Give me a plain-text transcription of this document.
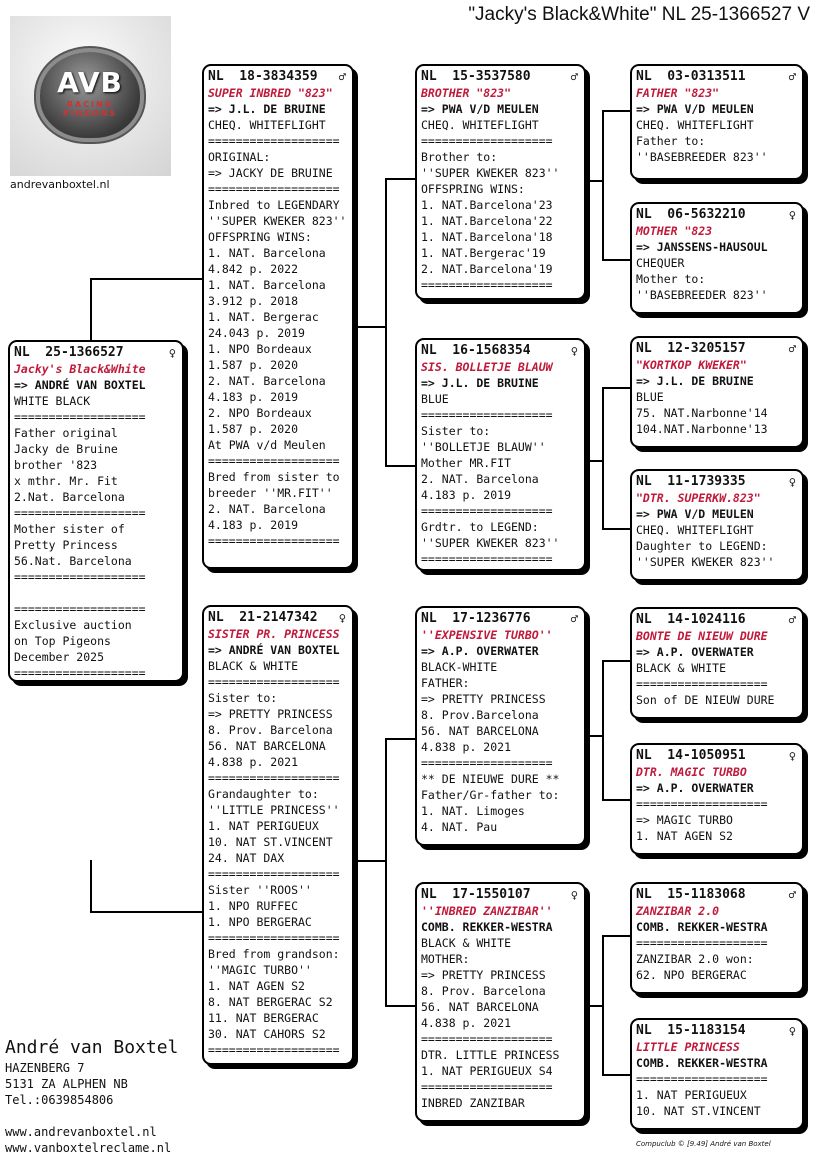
"Jacky's Black&White" NL 25-1366527 V
AVB
RACING
PIGEONS
andrevanboxtel.nl
NL  25-1366527	♀
Jacky's Black&White
=> ANDRÉ VAN BOXTEL
WHITE BLACK
===================
Father original
Jacky de Bruine
brother '823
x mthr. Mr. Fit
2.Nat. Barcelona
===================
Mother sister of
Pretty Princess
56.Nat. Barcelona
===================
===================
Exclusive auction
on Top Pigeons
December 2025
===================
NL  18-3834359	♂
SUPER INBRED "823"
=> J.L. DE BRUINE
CHEQ. WHITEFLIGHT
===================
ORIGINAL:
=> JACKY DE BRUINE
===================
Inbred to LEGENDARY
''SUPER KWEKER 823''
OFFSPRING WINS:
1. NAT. Barcelona
4.842 p. 2022
1. NAT. Barcelona
3.912 p. 2018
1. NAT. Bergerac
24.043 p. 2019
1. NPO Bordeaux
1.587 p. 2020
2. NAT. Barcelona
4.183 p. 2019
2. NPO Bordeaux
1.587 p. 2020
At PWA v/d Meulen
===================
Bred from sister to
breeder ''MR.FIT''
2. NAT. Barcelona
4.183 p. 2019
===================
NL  21-2147342	♀
SISTER PR. PRINCESS
=> ANDRÉ VAN BOXTEL
BLACK & WHITE
===================
Sister to:
=> PRETTY PRINCESS
8. Prov. Barcelona
56. NAT BARCELONA
4.838 p. 2021
===================
Grandaughter to:
''LITTLE PRINCESS''
1. NAT PERIGUEUX
10. NAT ST.VINCENT
24. NAT DAX
===================
Sister ''ROOS''
1. NPO RUFFEC
1. NPO BERGERAC
===================
Bred from grandson:
''MAGIC TURBO''
1. NAT AGEN S2
8. NAT BERGERAC S2
11. NAT BERGERAC
30. NAT CAHORS S2
===================
NL  15-3537580	♂
BROTHER "823"
=> PWA V/D MEULEN
CHEQ. WHITEFLIGHT
===================
Brother to:
''SUPER KWEKER 823''
OFFSPRING WINS:
1. NAT.Barcelona'23
1. NAT.Barcelona'22
1. NAT.Barcelona'18
1. NAT.Bergerac'19
2. NAT.Barcelona'19
===================
NL  16-1568354	♀
SIS. BOLLETJE BLAUW
=> J.L. DE BRUINE
BLUE
===================
Sister to:
''BOLLETJE BLAUW''
Mother MR.FIT
2. NAT. Barcelona
4.183 p. 2019
===================
Grdtr. to LEGEND:
''SUPER KWEKER 823''
===================
NL  17-1236776	♂
''EXPENSIVE TURBO''
=> A.P. OVERWATER
BLACK-WHITE
FATHER:
=> PRETTY PRINCESS
8. Prov.Barcelona
56. NAT BARCELONA
4.838 p. 2021
===================
** DE NIEUWE DURE **
Father/Gr-father to:
1. NAT. Limoges
4. NAT. Pau
NL  17-1550107	♀
''INBRED ZANZIBAR''
COMB. REKKER-WESTRA
BLACK & WHITE
MOTHER:
=> PRETTY PRINCESS
8. Prov. Barcelona
56. NAT BARCELONA
4.838 p. 2021
===================
DTR. LITTLE PRINCESS
1. NAT PERIGUEUX S4
===================
INBRED ZANZIBAR
NL  03-0313511	♂
FATHER "823"
=> PWA V/D MEULEN
CHEQ. WHITEFLIGHT
Father to:
''BASEBREEDER 823''
NL  06-5632210	♀
MOTHER "823
=> JANSSENS-HAUSOUL
CHEQUER
Mother to:
''BASEBREEDER 823''
NL  12-3205157	♂
"KORTKOP KWEKER"
=> J.L. DE BRUINE
BLUE
75. NAT.Narbonne'14
104.NAT.Narbonne'13
NL  11-1739335	♀
"DTR. SUPERKW.823"
=> PWA V/D MEULEN
CHEQ. WHITEFLIGHT
Daughter to LEGEND:
''SUPER KWEKER 823''
NL  14-1024116	♂
BONTE DE NIEUW DURE
=> A.P. OVERWATER
BLACK & WHITE
===================
Son of DE NIEUW DURE
NL  14-1050951	♀
DTR. MAGIC TURBO
=> A.P. OVERWATER
===================
=> MAGIC TURBO
1. NAT AGEN S2
NL  15-1183068	♂
ZANZIBAR 2.0
COMB. REKKER-WESTRA
===================
ZANZIBAR 2.0 won:
62. NPO BERGERAC
NL  15-1183154	♀
LITTLE PRINCESS
COMB. REKKER-WESTRA
===================
1. NAT PERIGUEUX
10. NAT ST.VINCENT
André van Boxtel
HAZENBERG 7
5131 ZA ALPHEN NB
Tel.:0639854806
www.andrevanboxtel.nl
www.vanboxtelreclame.nl	Compuclub © [9.49] André van Boxtel
